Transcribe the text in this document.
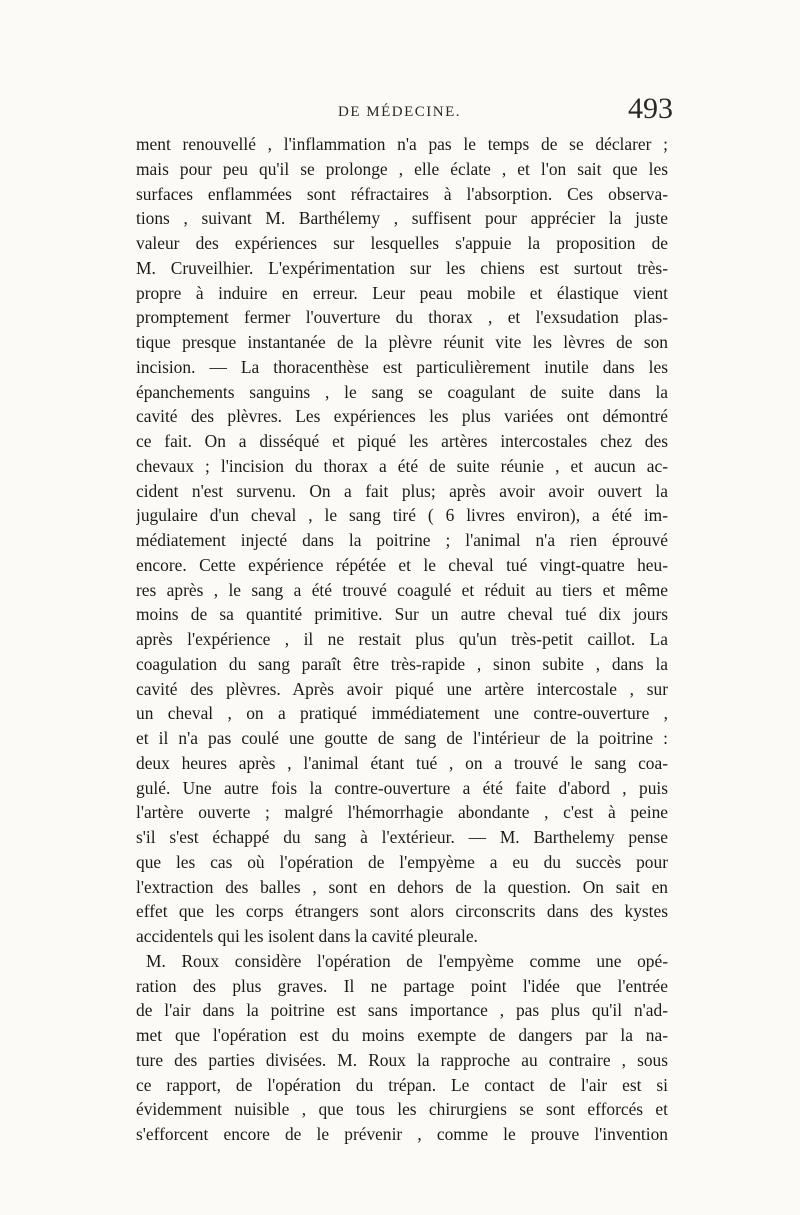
DE MÉDECINE.	493
ment renouvellé , l'inflammation n'a pas le temps de se déclarer ;
mais pour peu qu'il se prolonge , elle éclate , et l'on sait que les
surfaces enflammées sont réfractaires à l'absorption. Ces observa-
tions , suivant M. Barthélemy , suffisent pour apprécier la juste
valeur des expériences sur lesquelles s'appuie la proposition de
M. Cruveilhier. L'expérimentation sur les chiens est surtout très-
propre à induire en erreur. Leur peau mobile et élastique vient
promptement fermer l'ouverture du thorax , et l'exsudation plas-
tique presque instantanée de la plèvre réunit vite les lèvres de son
incision. — La thoracenthèse est particulièrement inutile dans les
épanchements sanguins , le sang se coagulant de suite dans la
cavité des plèvres. Les expériences les plus variées ont démontré
ce fait. On a disséqué et piqué les artères intercostales chez des
chevaux ; l'incision du thorax a été de suite réunie , et aucun ac-
cident n'est survenu. On a fait plus; après avoir avoir ouvert la
jugulaire d'un cheval , le sang tiré ( 6 livres environ), a été im-
médiatement injecté dans la poitrine ; l'animal n'a rien éprouvé
encore. Cette expérience répétée et le cheval tué vingt-quatre heu-
res après , le sang a été trouvé coagulé et réduit au tiers et même
moins de sa quantité primitive. Sur un autre cheval tué dix jours
après l'expérience , il ne restait plus qu'un très-petit caillot. La
coagulation du sang paraît être très-rapide , sinon subite , dans la
cavité des plèvres. Après avoir piqué une artère intercostale , sur
un cheval , on a pratiqué immédiatement une contre-ouverture ,
et il n'a pas coulé une goutte de sang de l'intérieur de la poitrine :
deux heures après , l'animal étant tué , on a trouvé le sang coa-
gulé. Une autre fois la contre-ouverture a été faite d'abord , puis
l'artère ouverte ; malgré l'hémorrhagie abondante , c'est à peine
s'il s'est échappé du sang à l'extérieur. — M. Barthelemy pense
que les cas où l'opération de l'empyème a eu du succès pour
l'extraction des balles , sont en dehors de la question. On sait en
effet que les corps étrangers sont alors circonscrits dans des kystes
accidentels qui les isolent dans la cavité pleurale.
M. Roux considère l'opération de l'empyème comme une opé-
ration des plus graves. Il ne partage point l'idée que l'entrée
de l'air dans la poitrine est sans importance , pas plus qu'il n'ad-
met que l'opération est du moins exempte de dangers par la na-
ture des parties divisées. M. Roux la rapproche au contraire , sous
ce rapport, de l'opération du trépan. Le contact de l'air est si
évidemment nuisible , que tous les chirurgiens se sont efforcés et
s'efforcent encore de le prévenir , comme le prouve l'invention
